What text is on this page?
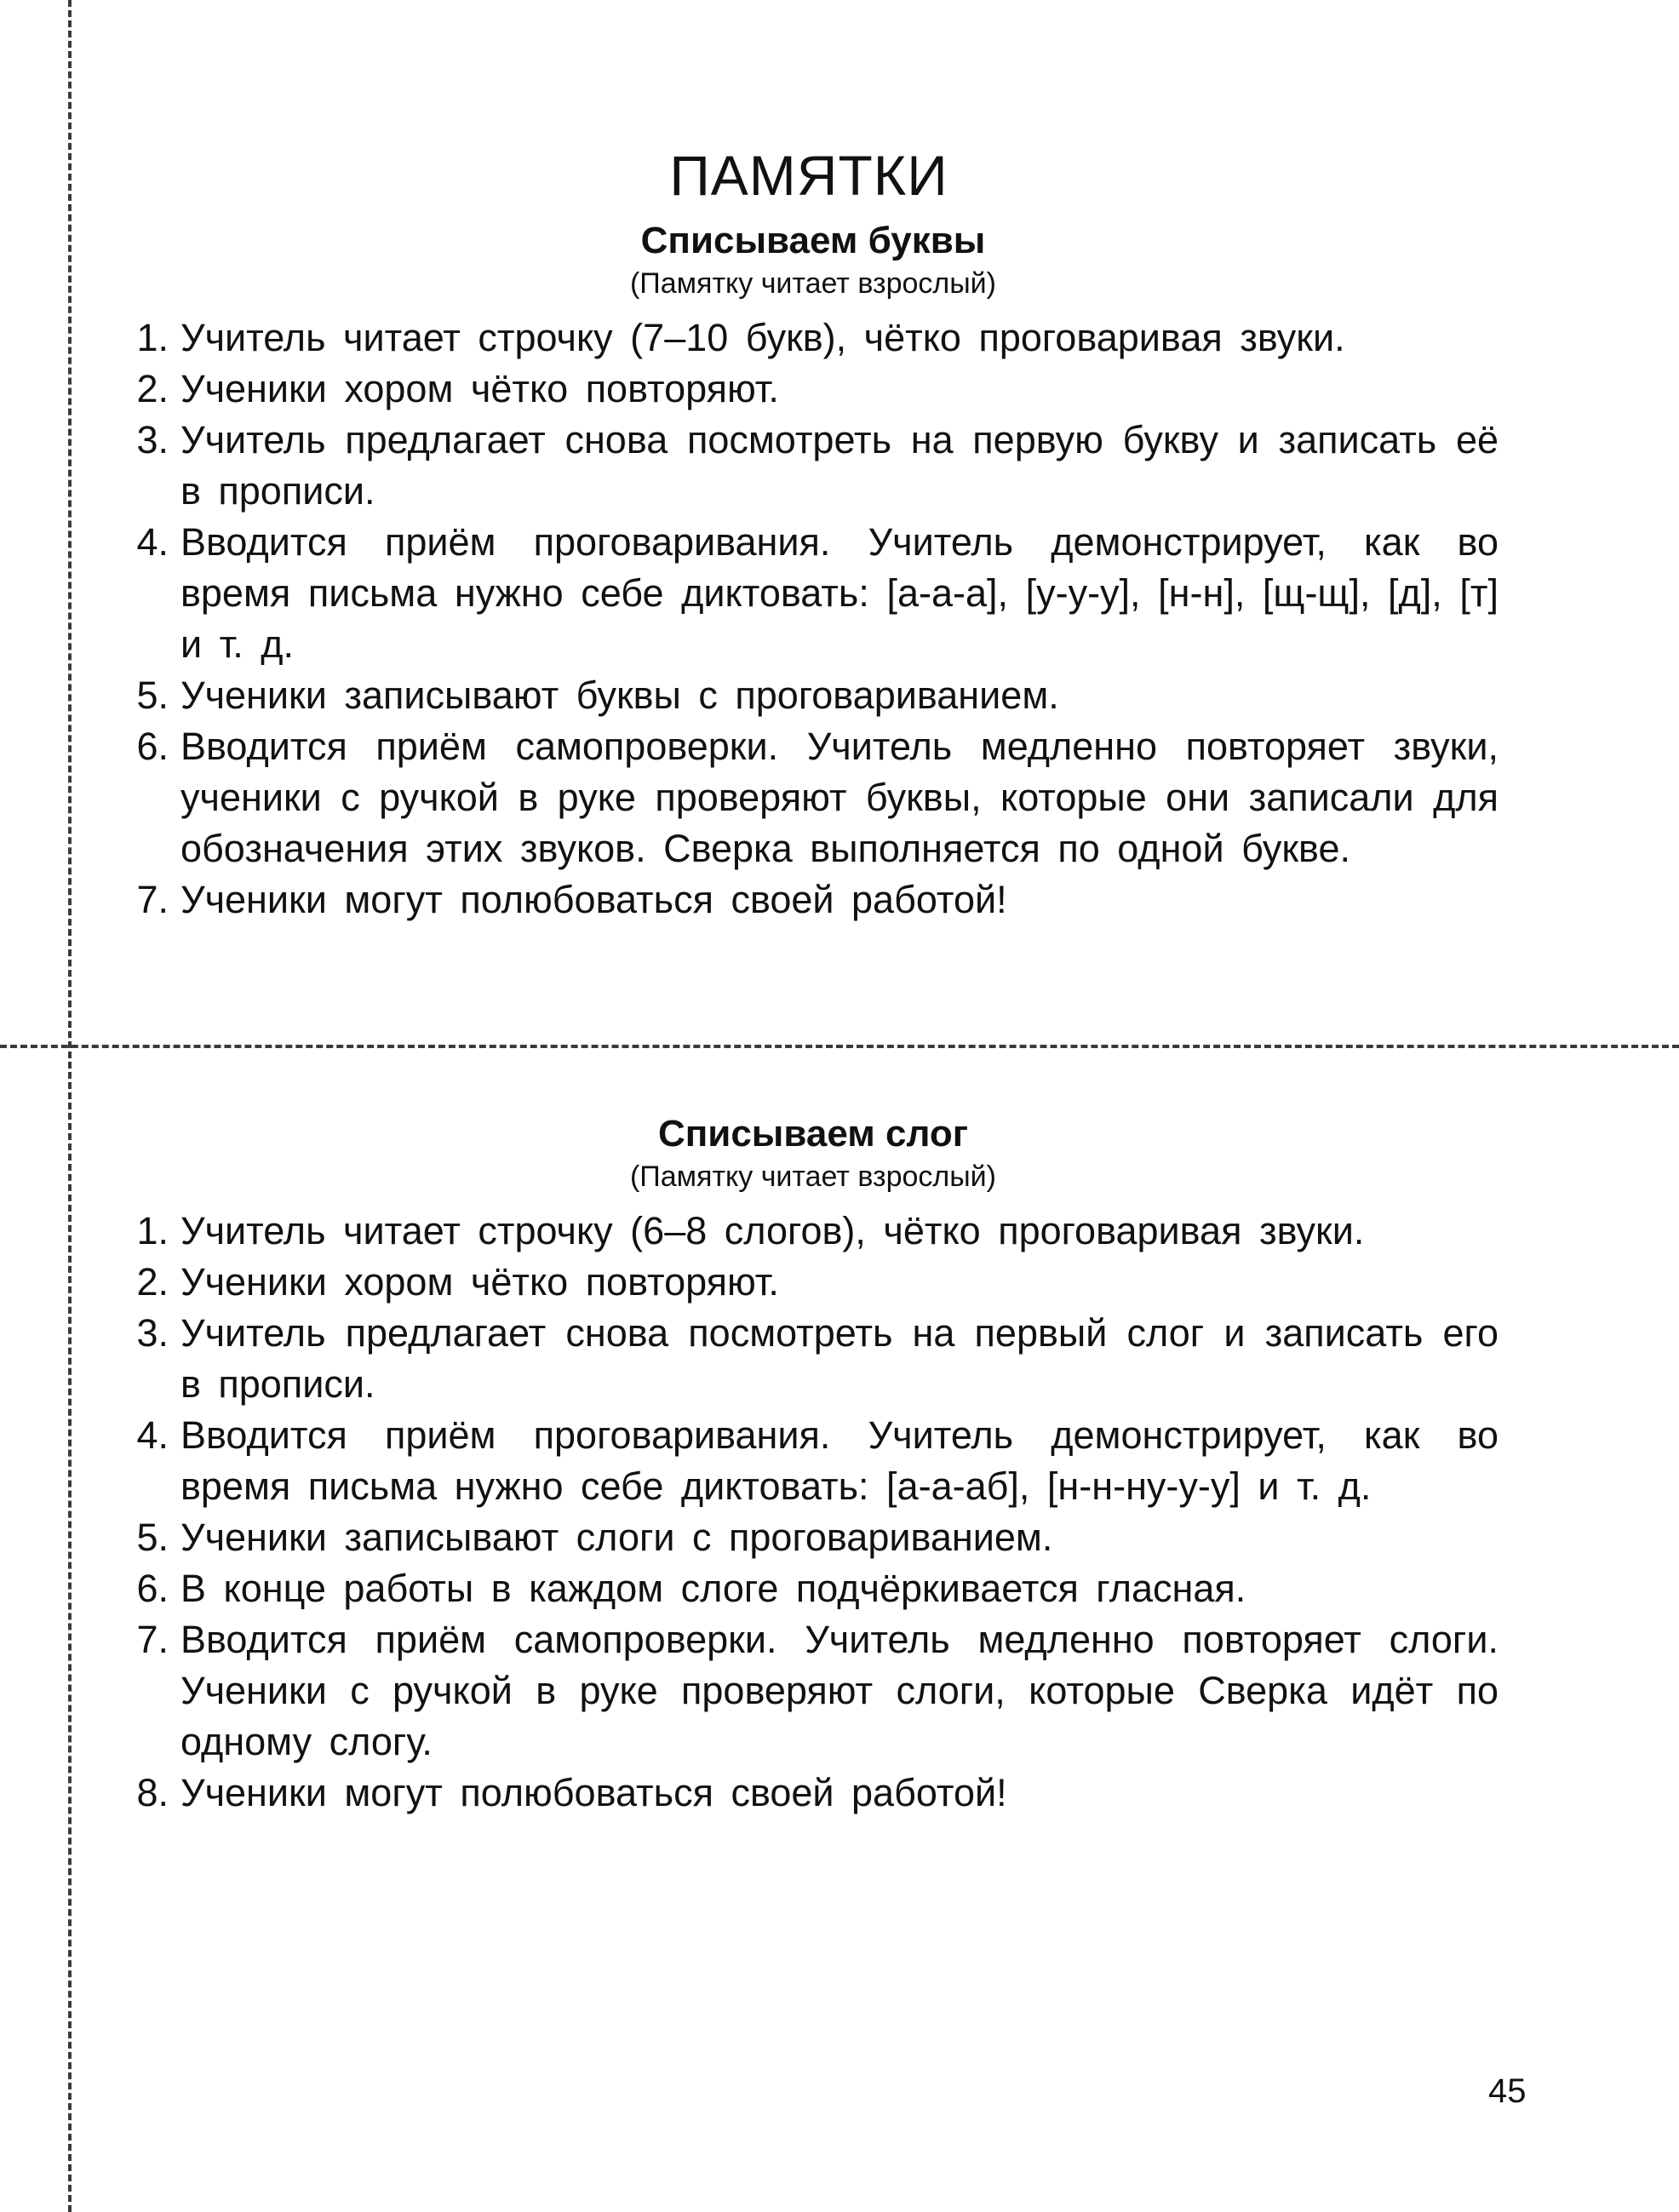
ПАМЯТКИ
Списываем буквы
(Памятку читает взрослый)
1. Учитель читает строчку (7–10 букв), чётко проговаривая звуки.
2. Ученики хором чётко повторяют.
3. Учитель предлагает снова посмотреть на первую букву и записать её в прописи.
4. Вводится приём проговаривания. Учитель демонстрирует, как во время письма нужно себе диктовать: [а-а-а], [у-у-у], [н-н], [щ-щ], [д], [т] и т. д.
5. Ученики записывают буквы с проговариванием.
6. Вводится приём самопроверки. Учитель медленно повторяет звуки, ученики с ручкой в руке проверяют буквы, которые они записали для обозначения этих звуков. Сверка выполняется по одной букве.
7. Ученики могут полюбоваться своей работой!
Списываем слог
(Памятку читает взрослый)
1. Учитель читает строчку (6–8 слогов), чётко проговаривая звуки.
2. Ученики хором чётко повторяют.
3. Учитель предлагает снова посмотреть на первый слог и записать его в прописи.
4. Вводится приём проговаривания. Учитель демонстрирует, как во время письма нужно себе диктовать: [а-а-аб], [н-н-ну-у-у] и т. д.
5. Ученики записывают слоги с проговариванием.
6. В конце работы в каждом слоге подчёркивается гласная.
7. Вводится приём самопроверки. Учитель медленно повторяет слоги. Ученики с ручкой в руке проверяют слоги, которые Сверка идёт по одному слогу.
8. Ученики могут полюбоваться своей работой!
45
